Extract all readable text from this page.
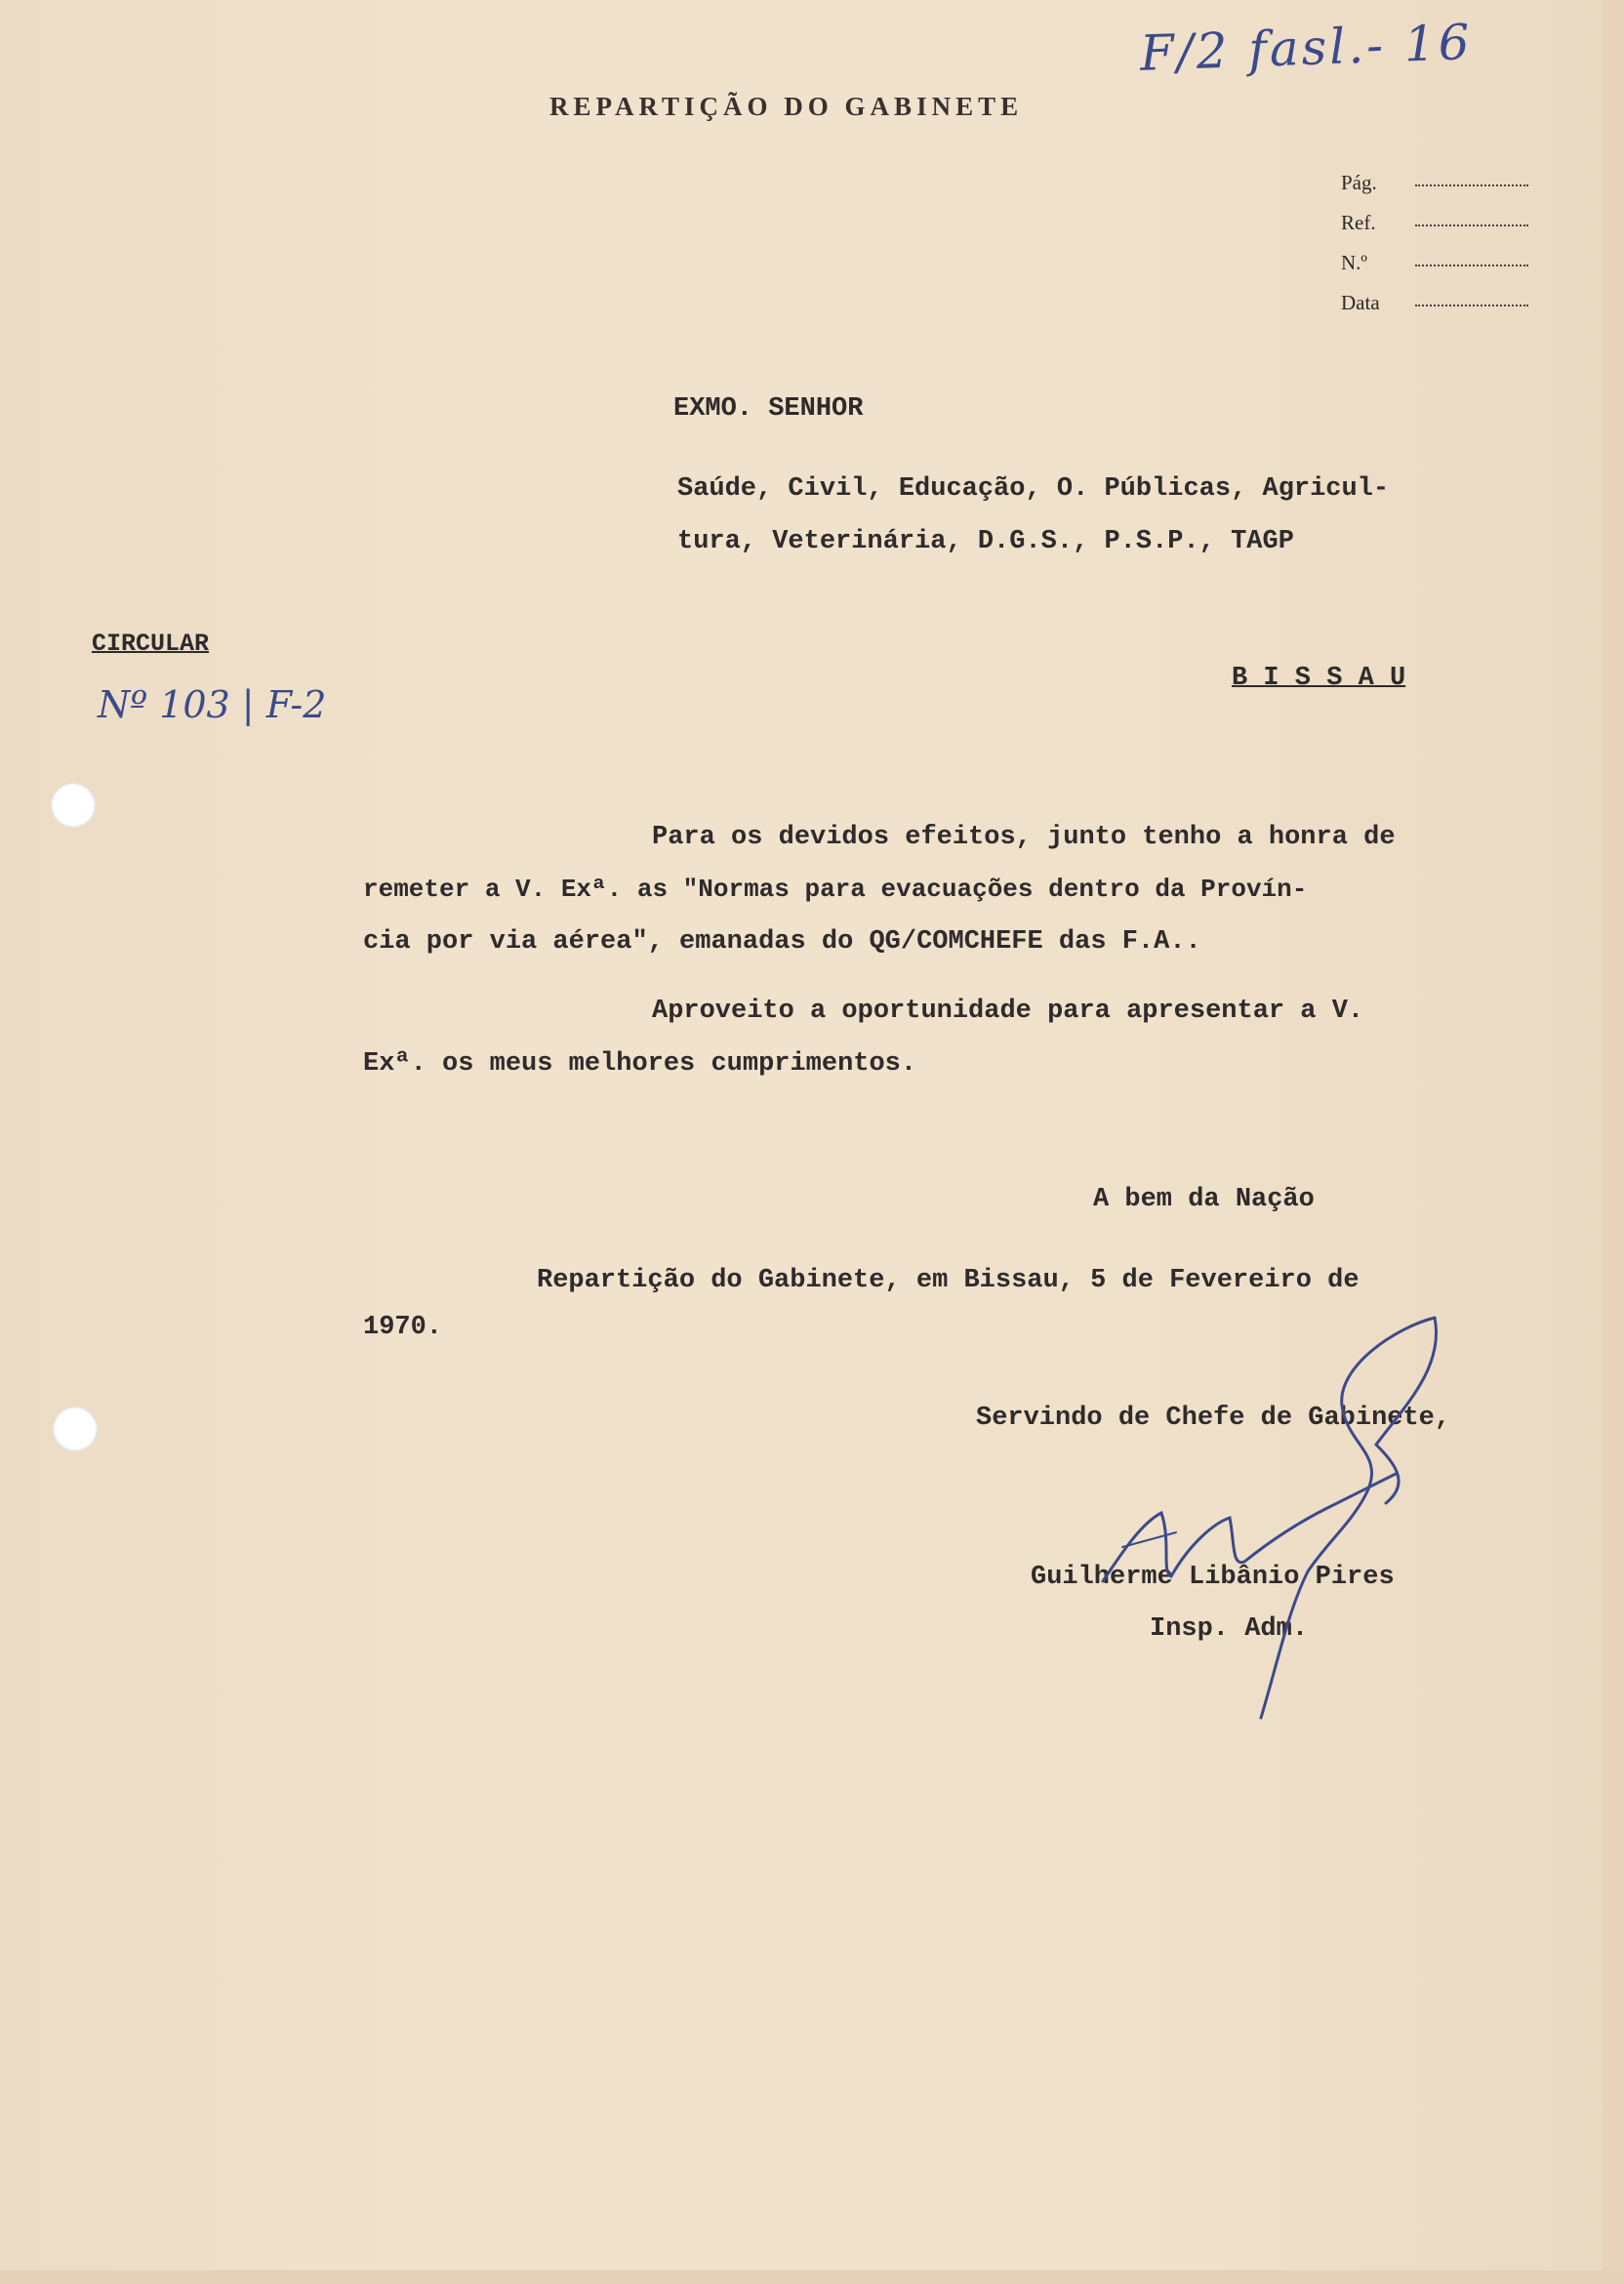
F/2 fasl.- 16
REPARTIÇÃO DO GABINETE
Pág.
Ref.
N.º
Data
EXMO. SENHOR
Saúde, Civil, Educação, O. Públicas, Agricul-
tura, Veterinária, D.G.S., P.S.P., TAGP
B I S S A U
CIRCULAR
Nº 103 | F-2
Para os devidos efeitos, junto tenho a honra de
remeter a V. Exª. as "Normas para evacuações dentro da Provín-
cia por via aérea", emanadas do QG/COMCHEFE das F.A..
Aproveito a oportunidade para apresentar a V.
Exª. os meus melhores cumprimentos.
A bem da Nação
Repartição do Gabinete, em Bissau, 5 de Fevereiro de
1970.
Servindo de Chefe de Gabinete,
Guilherme Libânio Pires
Insp. Adm.
